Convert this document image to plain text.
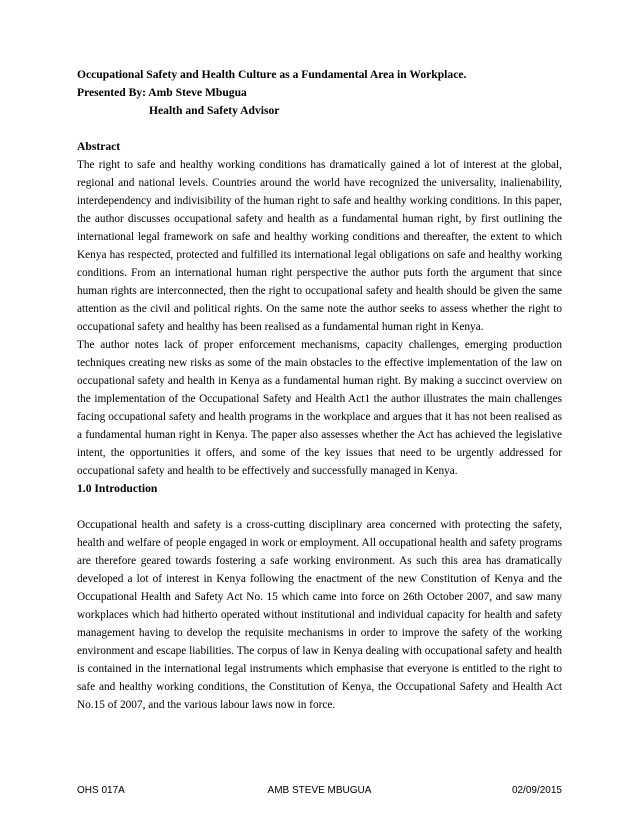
Occupational Safety and Health Culture as a Fundamental Area in Workplace.
Presented By: Amb Steve Mbugua
Health and Safety Advisor
Abstract

The right to safe and healthy working conditions has dramatically gained a lot of interest at the global, regional and national levels. Countries around the world have recognized the universality, inalienability, interdependency and indivisibility of the human right to safe and healthy working conditions. In this paper, the author discusses occupational safety and health as a fundamental human right, by first outlining the international legal framework on safe and healthy working conditions and thereafter, the extent to which Kenya has respected, protected and fulfilled its international legal obligations on safe and healthy working conditions. From an international human right perspective the author puts forth the argument that since human rights are interconnected, then the right to occupational safety and health should be given the same attention as the civil and political rights. On the same note the author seeks to assess whether the right to occupational safety and healthy has been realised as a fundamental human right in Kenya.

The author notes lack of proper enforcement mechanisms, capacity challenges, emerging production techniques creating new risks as some of the main obstacles to the effective implementation of the law on occupational safety and health in Kenya as a fundamental human right. By making a succinct overview on the implementation of the Occupational Safety and Health Act1 the author illustrates the main challenges facing occupational safety and health programs in the workplace and argues that it has not been realised as a fundamental human right in Kenya. The paper also assesses whether the Act has achieved the legislative intent, the opportunities it offers, and some of the key issues that need to be urgently addressed for occupational safety and health to be effectively and successfully managed in Kenya.

1.0 Introduction

Occupational health and safety is a cross-cutting disciplinary area concerned with protecting the safety, health and welfare of people engaged in work or employment. All occupational health and safety programs are therefore geared towards fostering a safe working environment. As such this area has dramatically developed a lot of interest in Kenya following the enactment of the new Constitution of Kenya and the Occupational Health and Safety Act No. 15 which came into force on 26th October 2007, and saw many workplaces which had hitherto operated without institutional and individual capacity for health and safety management having to develop the requisite mechanisms in order to improve the safety of the working environment and escape liabilities. The corpus of law in Kenya dealing with occupational safety and health is contained in the international legal instruments which emphasise that everyone is entitled to the right to safe and healthy working conditions, the Constitution of Kenya, the Occupational Safety and Health Act No.15 of 2007, and the various labour laws now in force.

OHS 017A	AMB STEVE MBUGUA	02/09/2015
